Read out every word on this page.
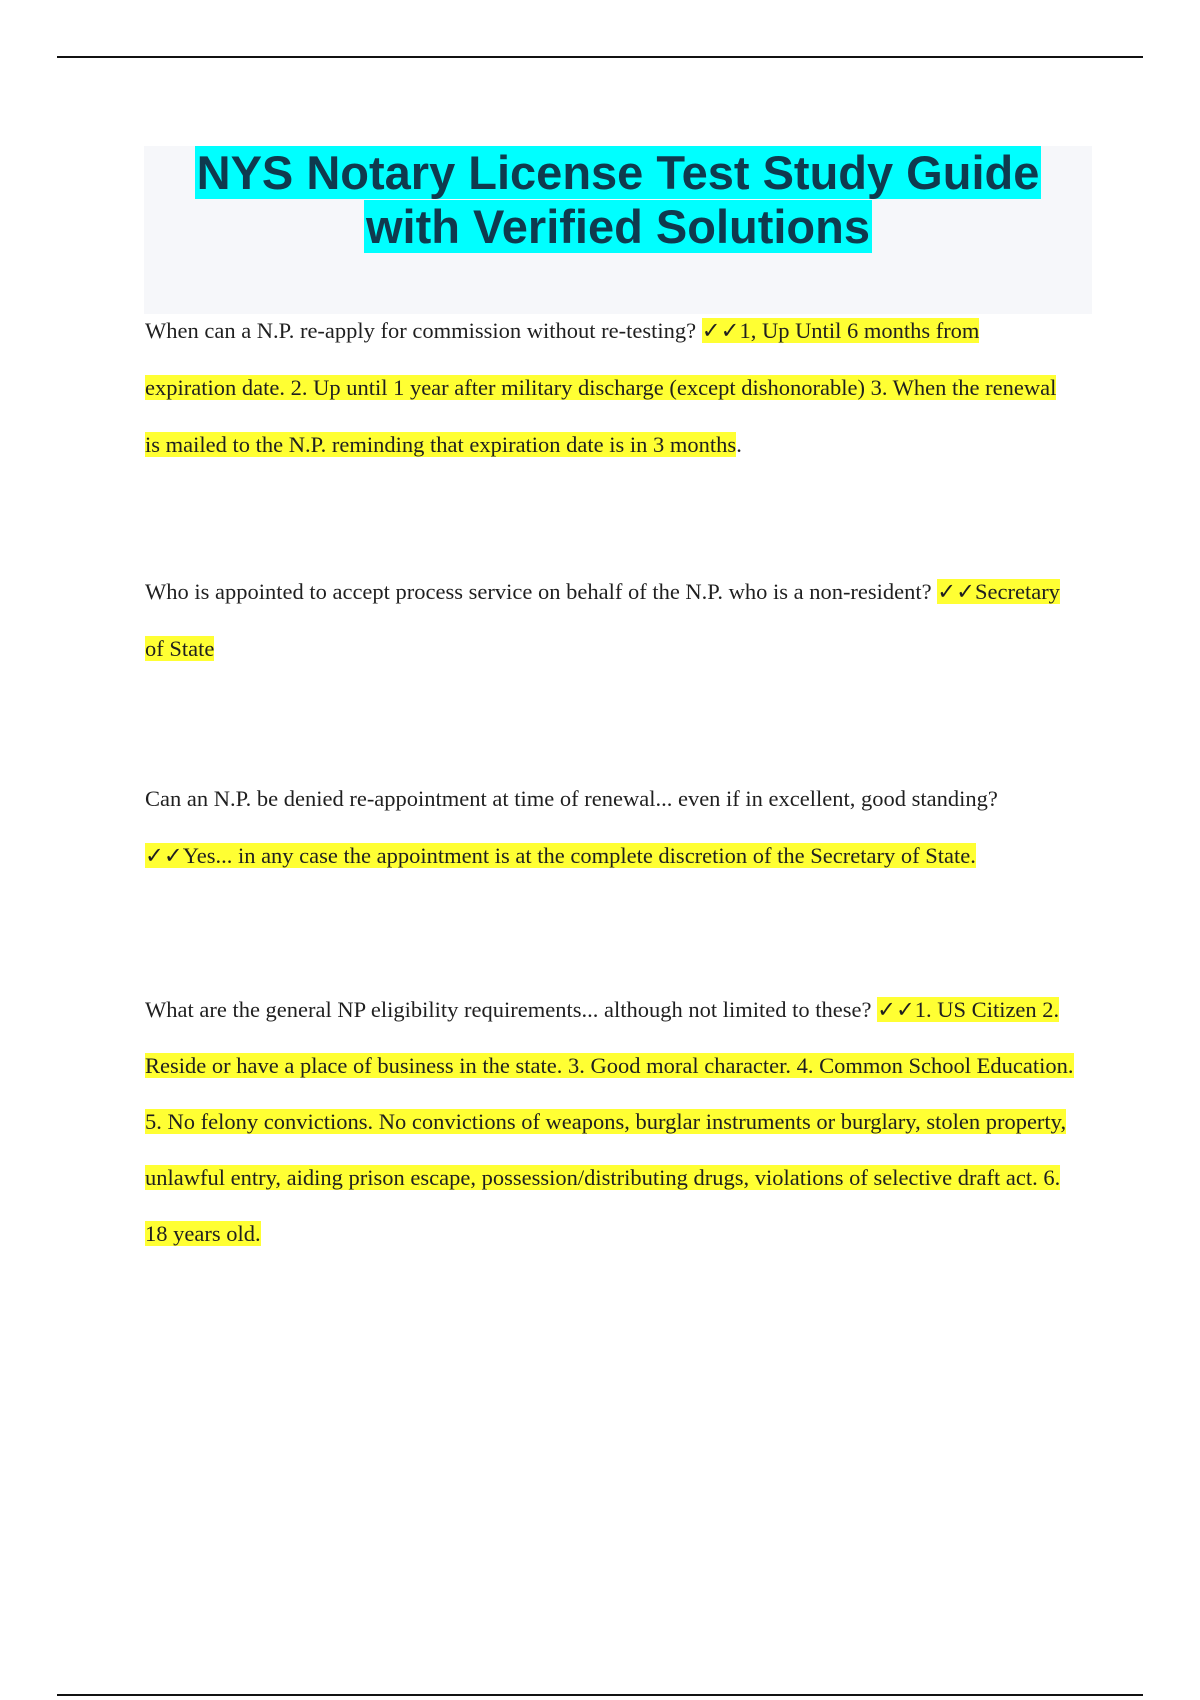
NYS Notary License Test Study Guide
with Verified Solutions

When can a N.P. re-apply for commission without re-testing? ✓✓1, Up Until 6 months from expiration date. 2. Up until 1 year after military discharge (except dishonorable) 3. When the renewal is mailed to the N.P. reminding that expiration date is in 3 months.

Who is appointed to accept process service on behalf of the N.P. who is a non-resident? ✓✓Secretary of State

Can an N.P. be denied re-appointment at time of renewal... even if in excellent, good standing? ✓✓Yes... in any case the appointment is at the complete discretion of the Secretary of State.

What are the general NP eligibility requirements... although not limited to these? ✓✓1. US Citizen 2. Reside or have a place of business in the state. 3. Good moral character. 4. Common School Education. 5. No felony convictions. No convictions of weapons, burglar instruments or burglary, stolen property, unlawful entry, aiding prison escape, possession/distributing drugs, violations of selective draft act. 6. 18 years old.
